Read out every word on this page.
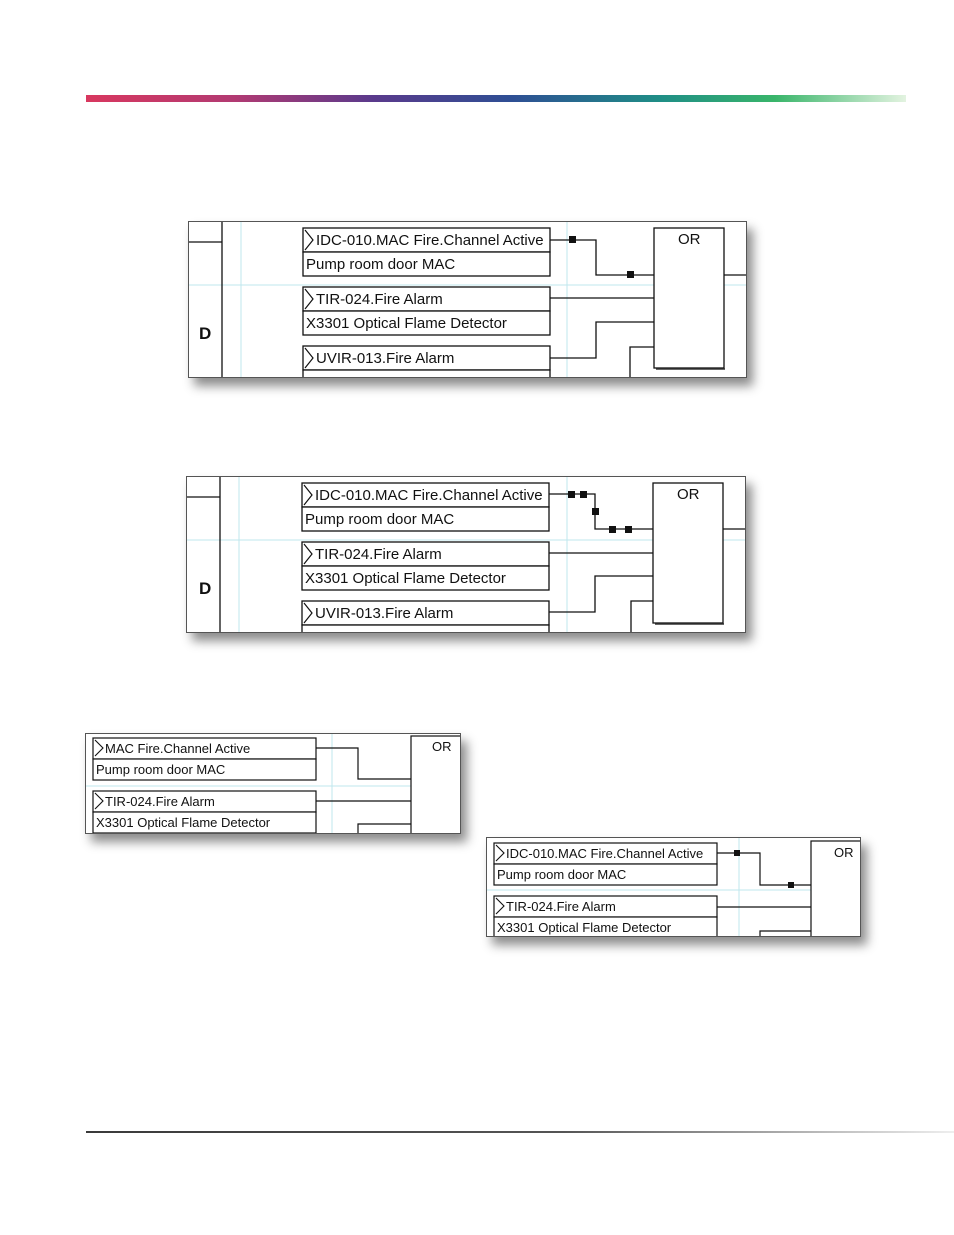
D
OR
IDC-010.MAC Fire.Channel Active
Pump room door MAC
TIR-024.Fire Alarm
X3301 Optical Flame Detector
UVIR-013.Fire Alarm
D
OR
IDC-010.MAC Fire.Channel Active
Pump room door MAC
TIR-024.Fire Alarm
X3301 Optical Flame Detector
UVIR-013.Fire Alarm
OR
MAC Fire.Channel Active
Pump room door MAC
TIR-024.Fire Alarm
X3301 Optical Flame Detector
OR
IDC-010.MAC Fire.Channel Active
Pump room door MAC
TIR-024.Fire Alarm
X3301 Optical Flame Detector
